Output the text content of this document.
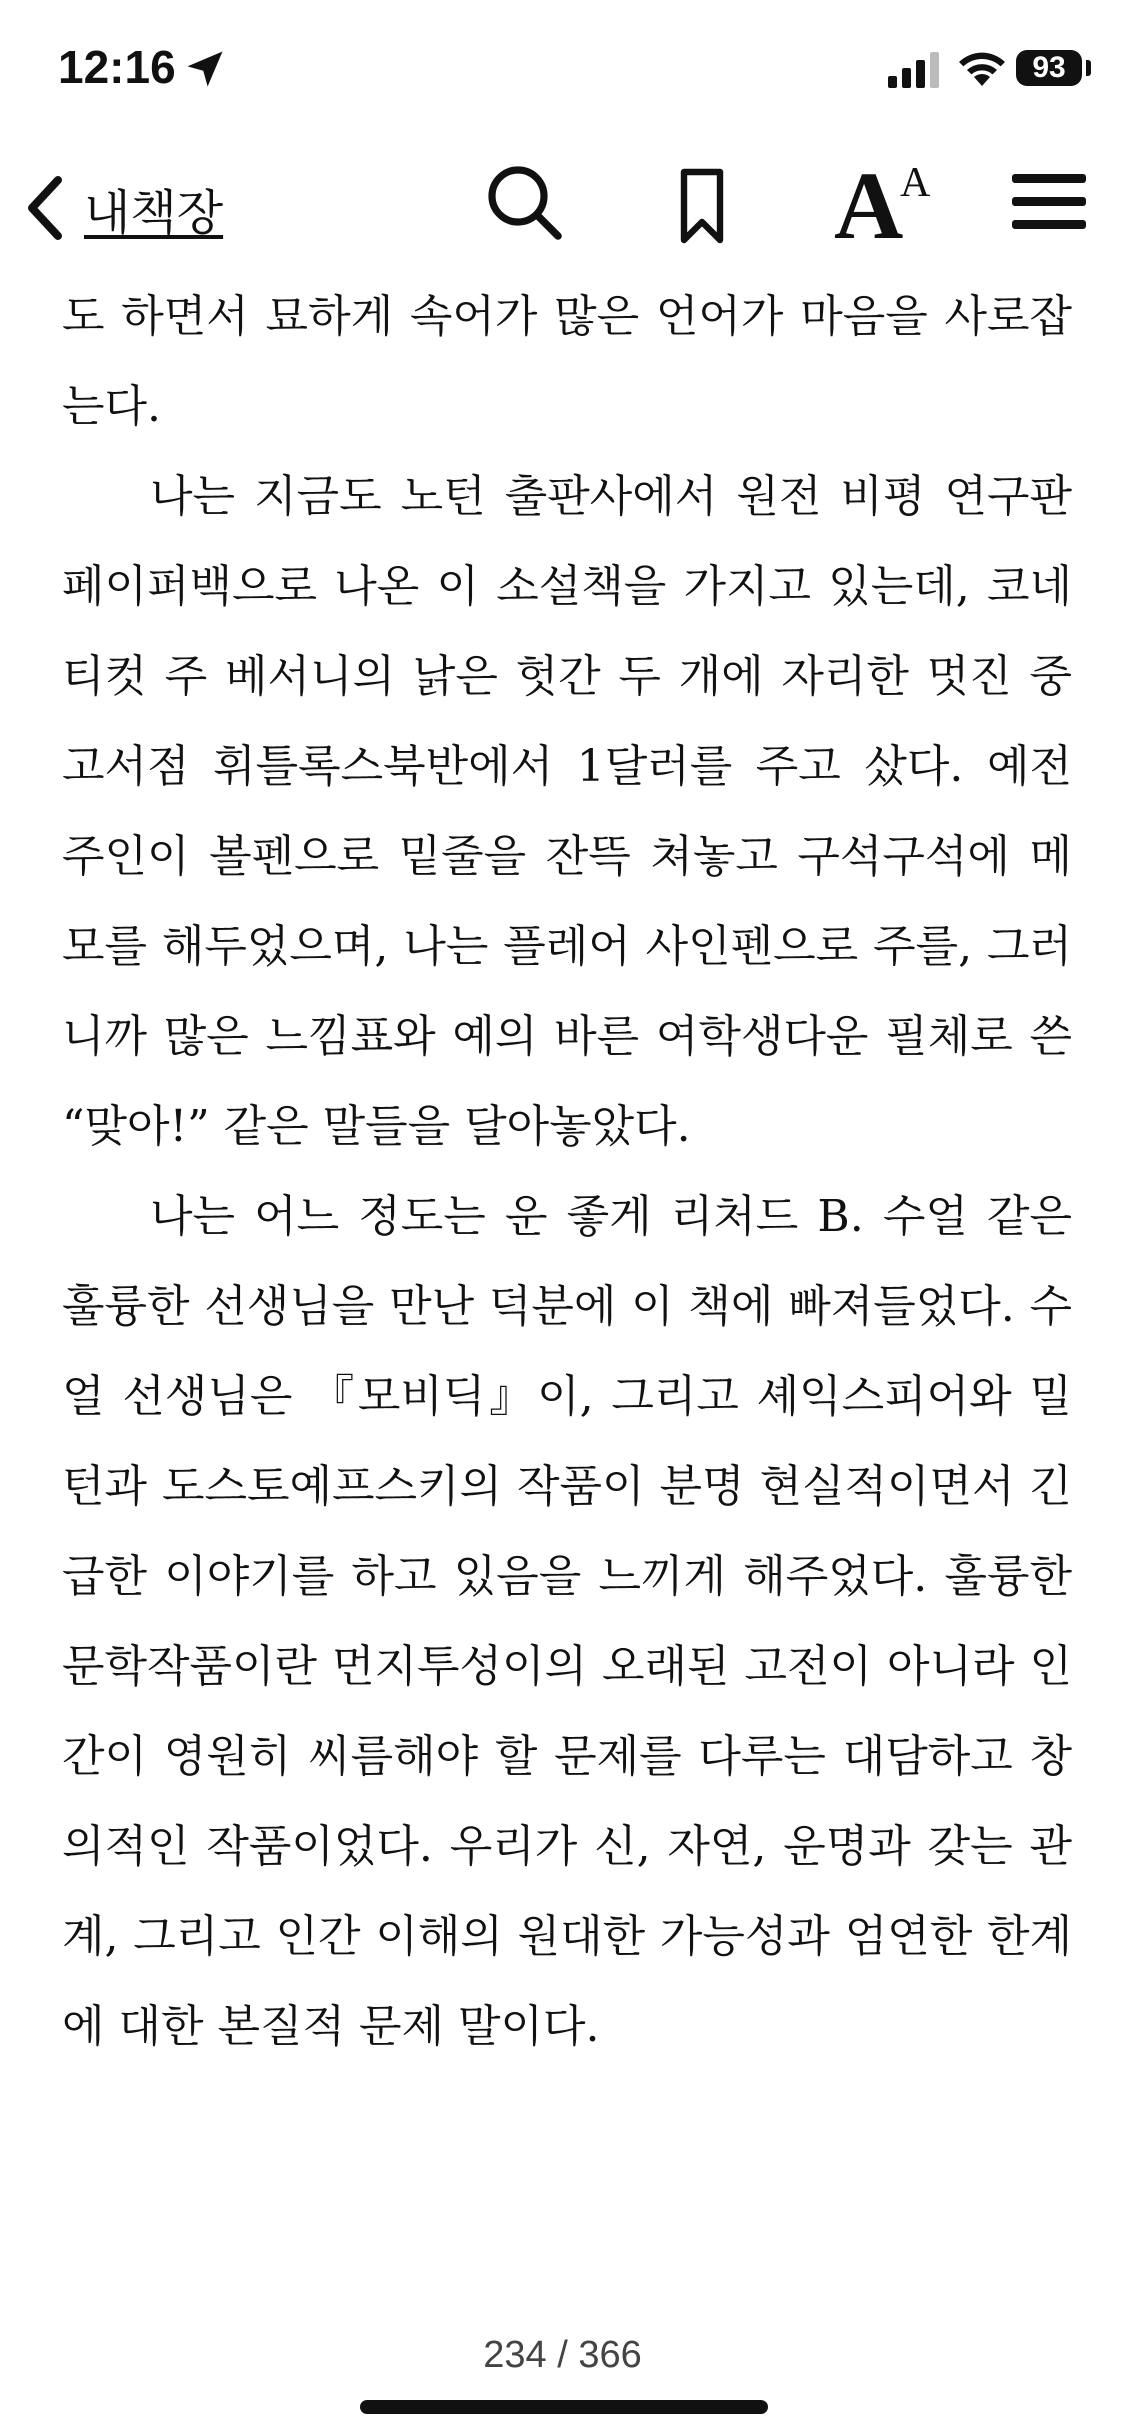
12:16	93
내책장	A
A

도 하면서 묘하게 속어가 많은 언어가 마음을 사로잡는다.

나는 지금도 노턴 출판사에서 원전 비평 연구판 페이퍼백으로 나온 이 소설책을 가지고 있는데, 코네티컷 주 베서니의 낡은 헛간 두 개에 자리한 멋진 중고서점 휘틀록스북반에서 1달러를 주고 샀다. 예전 주인이 볼펜으로 밑줄을 잔뜩 쳐놓고 구석구석에 메모를 해두었으며, 나는 플레어 사인펜으로 주를, 그러니까 많은 느낌표와 예의 바른 여학생다운 필체로 쓴 “맞아!” 같은 말들을 달아놓았다.

나는 어느 정도는 운 좋게 리처드 B. 수얼 같은 훌륭한 선생님을 만난 덕분에 이 책에 빠져들었다. 수얼 선생님은 『모비딕』이, 그리고 셰익스피어와 밀턴과 도스토예프스키의 작품이 분명 현실적이면서 긴급한 이야기를 하고 있음을 느끼게 해주었다. 훌륭한 문학작품이란 먼지투성이의 오래된 고전이 아니라 인간이 영원히 씨름해야 할 문제를 다루는 대담하고 창의적인 작품이었다. 우리가 신, 자연, 운명과 갖는 관계, 그리고 인간 이해의 원대한 가능성과 엄연한 한계에 대한 본질적 문제 말이다.

234 / 366
